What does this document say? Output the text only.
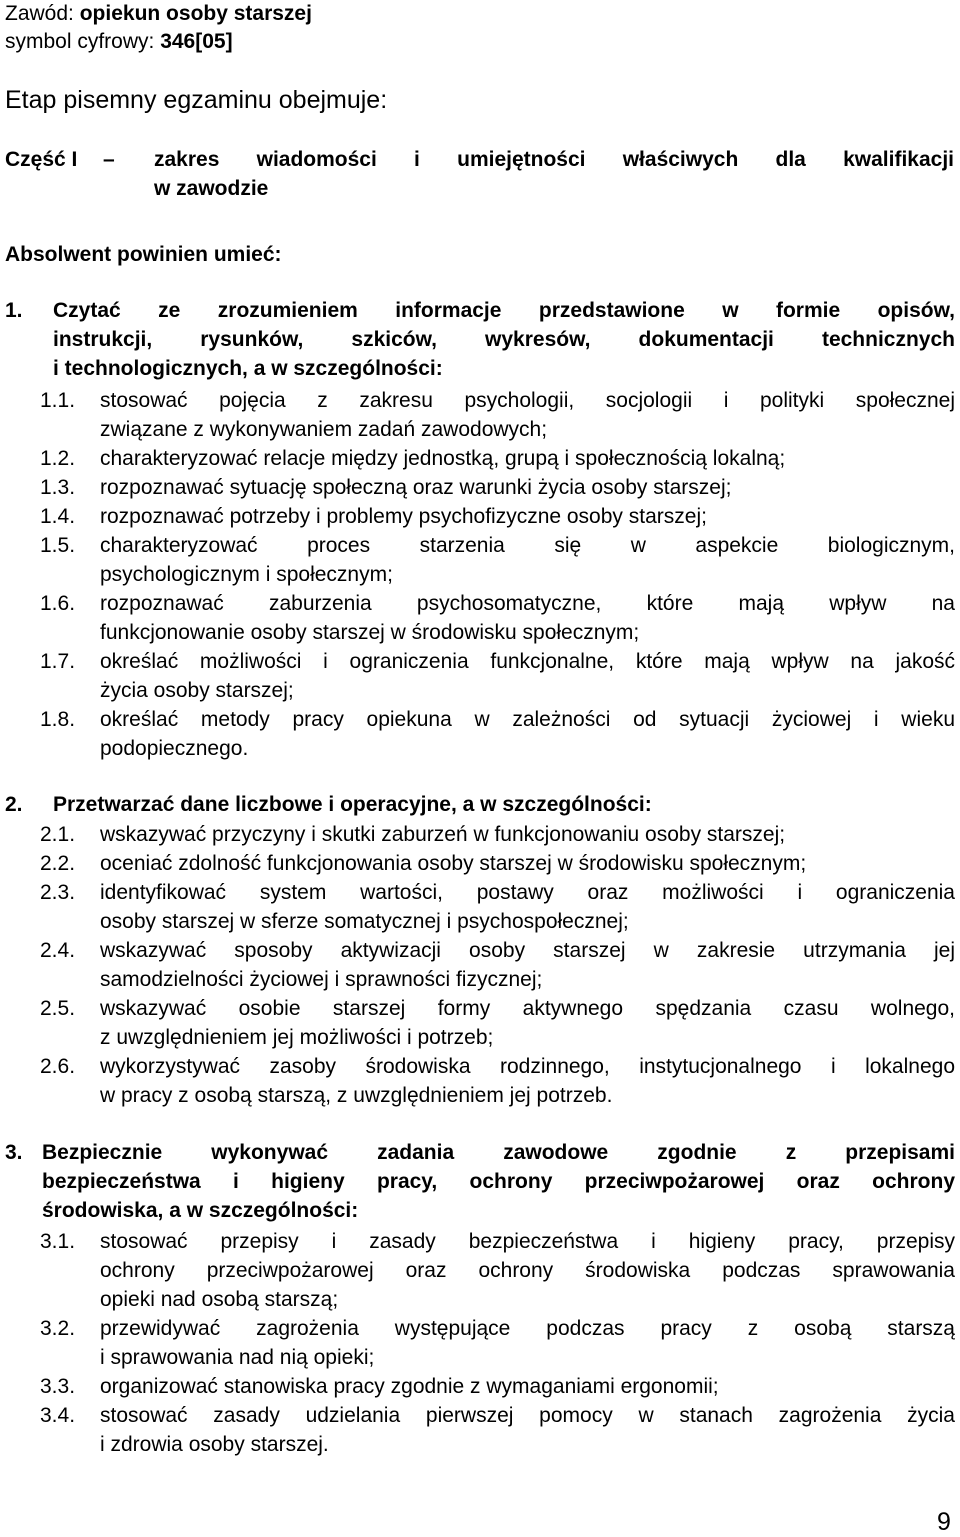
Zawód: opiekun osoby starszej
symbol cyfrowy: 346[05]
Etap pisemny egzaminu obejmuje:
Część I – zakres wiadomości i umiejętności właściwych dla kwalifikacji
w zawodzie
Absolwent powinien umieć:
1. Czytać ze zrozumieniem informacje przedstawione w formie opisów,
instrukcji, rysunków, szkiców, wykresów, dokumentacji technicznych
i technologicznych, a w szczególności:
1.1. stosować pojęcia z zakresu psychologii, socjologii i polityki społecznej
związane z wykonywaniem zadań zawodowych;
1.2. charakteryzować relacje między jednostką, grupą i społecznością lokalną;
1.3. rozpoznawać sytuację społeczną oraz warunki życia osoby starszej;
1.4. rozpoznawać potrzeby i problemy psychofizyczne osoby starszej;
1.5. charakteryzować proces starzenia się w aspekcie biologicznym,
psychologicznym i społecznym;
1.6. rozpoznawać zaburzenia psychosomatyczne, które mają wpływ na
funkcjonowanie osoby starszej w środowisku społecznym;
1.7. określać możliwości i ograniczenia funkcjonalne, które mają wpływ na jakość
życia osoby starszej;
1.8. określać metody pracy opiekuna w zależności od sytuacji życiowej i wieku
podopiecznego.
2. Przetwarzać dane liczbowe i operacyjne, a w szczególności:
2.1. wskazywać przyczyny i skutki zaburzeń w funkcjonowaniu osoby starszej;
2.2. oceniać zdolność funkcjonowania osoby starszej w środowisku społecznym;
2.3. identyfikować system wartości, postawy oraz możliwości i ograniczenia
osoby starszej w sferze somatycznej i psychospołecznej;
2.4. wskazywać sposoby aktywizacji osoby starszej w zakresie utrzymania jej
samodzielności życiowej i sprawności fizycznej;
2.5. wskazywać osobie starszej formy aktywnego spędzania czasu wolnego,
z uwzględnieniem jej możliwości i potrzeb;
2.6. wykorzystywać zasoby środowiska rodzinnego, instytucjonalnego i lokalnego
w pracy z osobą starszą, z uwzględnieniem jej potrzeb.
3. Bezpiecznie wykonywać zadania zawodowe zgodnie z przepisami
bezpieczeństwa i higieny pracy, ochrony przeciwpożarowej oraz ochrony
środowiska, a w szczególności:
3.1. stosować przepisy i zasady bezpieczeństwa i higieny pracy, przepisy
ochrony przeciwpożarowej oraz ochrony środowiska podczas sprawowania
opieki nad osobą starszą;
3.2. przewidywać zagrożenia występujące podczas pracy z osobą starszą
i sprawowania nad nią opieki;
3.3. organizować stanowiska pracy zgodnie z wymaganiami ergonomii;
3.4. stosować zasady udzielania pierwszej pomocy w stanach zagrożenia życia
i zdrowia osoby starszej.
9
